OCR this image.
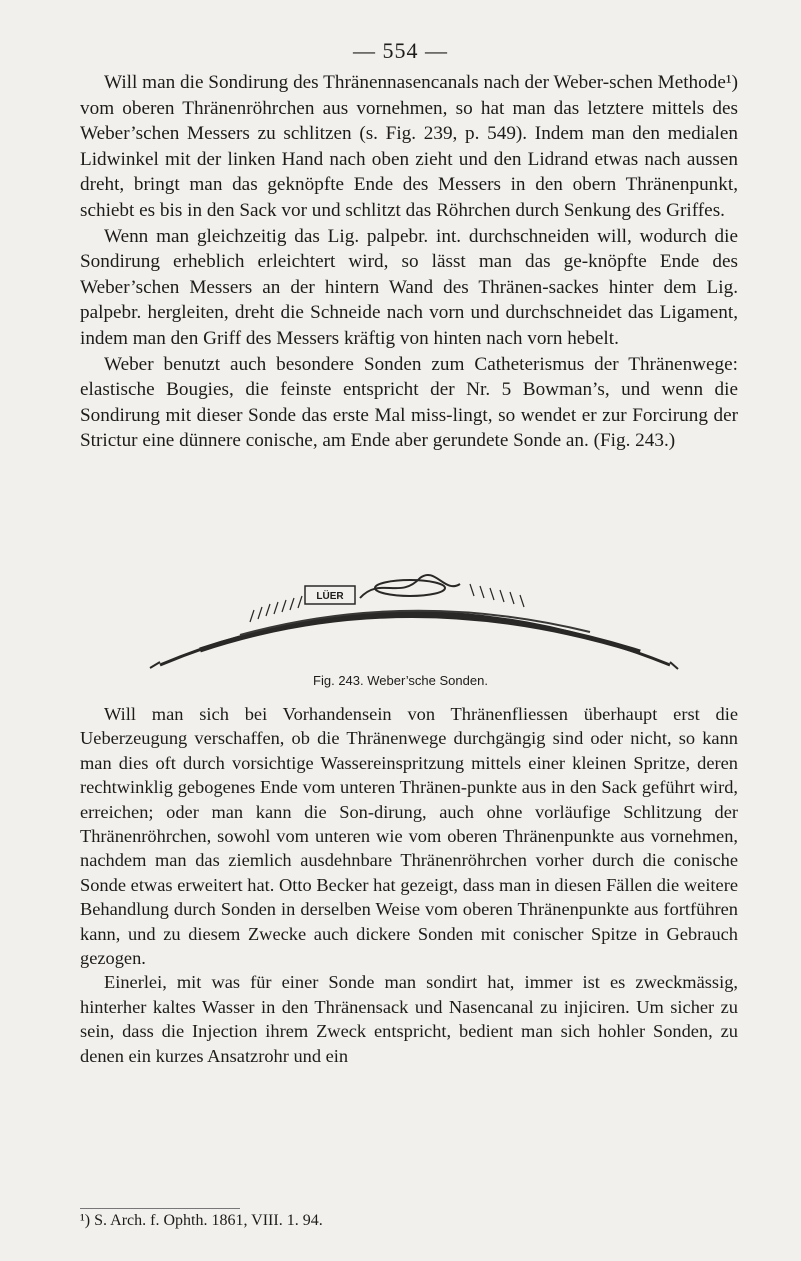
— 554 —

Will man die Sondirung des Thränennasencanals nach der Weber-schen Methode¹) vom oberen Thränenröhrchen aus vornehmen, so hat man das letztere mittels des Weber’schen Messers zu schlitzen (s. Fig. 239, p. 549). Indem man den medialen Lidwinkel mit der linken Hand nach oben zieht und den Lidrand etwas nach aussen dreht, bringt man das geknöpfte Ende des Messers in den obern Thränenpunkt, schiebt es bis in den Sack vor und schlitzt das Röhrchen durch Senkung des Griffes.

Wenn man gleichzeitig das Lig. palpebr. int. durchschneiden will, wodurch die Sondirung erheblich erleichtert wird, so lässt man das ge-knöpfte Ende des Weber’schen Messers an der hintern Wand des Thränen-sackes hinter dem Lig. palpebr. hergleiten, dreht die Schneide nach vorn und durchschneidet das Ligament, indem man den Griff des Messers kräftig von hinten nach vorn hebelt.

Weber benutzt auch besondere Sonden zum Catheterismus der Thränenwege: elastische Bougies, die feinste entspricht der Nr. 5 Bowman’s, und wenn die Sondirung mit dieser Sonde das erste Mal miss-lingt, so wendet er zur Forcirung der Strictur eine dünnere conische, am Ende aber gerundete Sonde an. (Fig. 243.)

LÜER
Fig. 243. Weber’sche Sonden.

Will man sich bei Vorhandensein von Thränenfliessen überhaupt erst die Ueberzeugung verschaffen, ob die Thränenwege durchgängig sind oder nicht, so kann man dies oft durch vorsichtige Wassereinspritzung mittels einer kleinen Spritze, deren rechtwinklig gebogenes Ende vom unteren Thränen-punkte aus in den Sack geführt wird, erreichen; oder man kann die Son-dirung, auch ohne vorläufige Schlitzung der Thränenröhrchen, sowohl vom unteren wie vom oberen Thränenpunkte aus vornehmen, nachdem man das ziemlich ausdehnbare Thränenröhrchen vorher durch die conische Sonde etwas erweitert hat. Otto Becker hat gezeigt, dass man in diesen Fällen die weitere Behandlung durch Sonden in derselben Weise vom oberen Thränenpunkte aus fortführen kann, und zu diesem Zwecke auch dickere Sonden mit conischer Spitze in Gebrauch gezogen.

Einerlei, mit was für einer Sonde man sondirt hat, immer ist es zweckmässig, hinterher kaltes Wasser in den Thränensack und Nasencanal zu injiciren. Um sicher zu sein, dass die Injection ihrem Zweck entspricht, bedient man sich hohler Sonden, zu denen ein kurzes Ansatzrohr und ein

¹) S. Arch. f. Ophth. 1861, VIII. 1. 94.
